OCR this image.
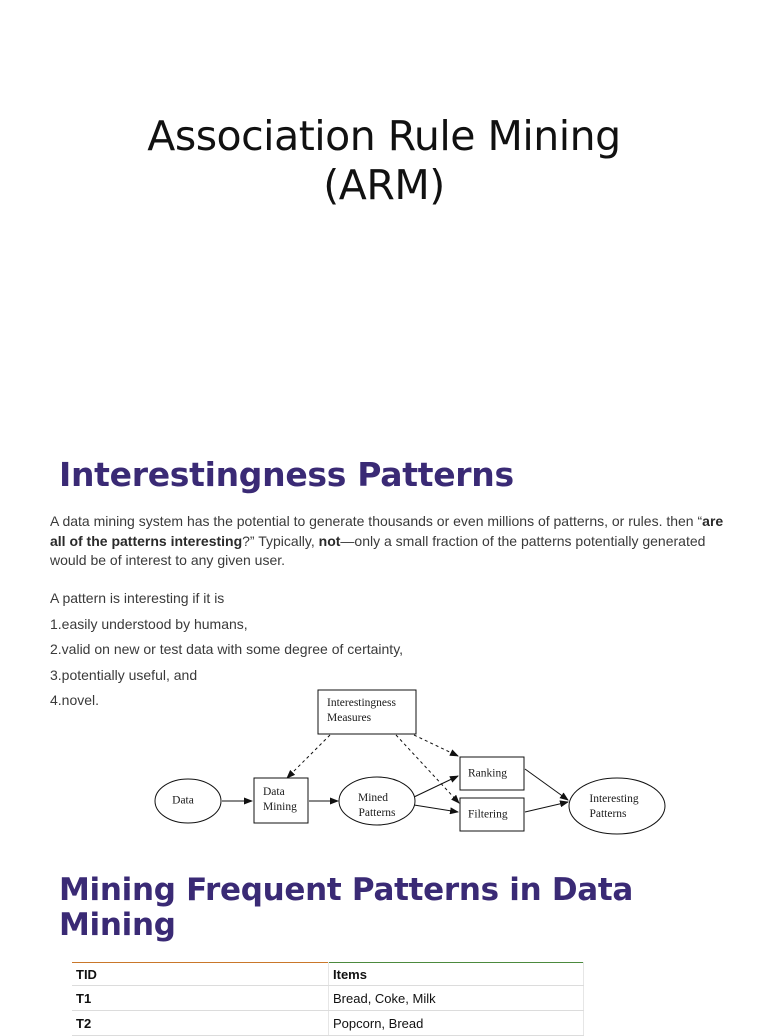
Association Rule Mining
(ARM)
Interestingness Patterns

A data mining system has the potential to generate thousands or even millions of patterns, or rules. then “are all of the patterns interesting?” Typically, not—only a small fraction of the patterns potentially generated would be of interest to any given user.

A pattern is interesting if it is
1.easily understood by humans,
2.valid on new or test data with some degree of certainty,
3.potentially useful, and
4.novel.
Data
Data
Mining
Mined
Patterns
Interestingness
Measures
Ranking
Filtering
Interesting
Patterns
Mining Frequent Patterns in Data
Mining
TID	Items
T1	Bread, Coke, Milk
T2	Popcorn, Bread
